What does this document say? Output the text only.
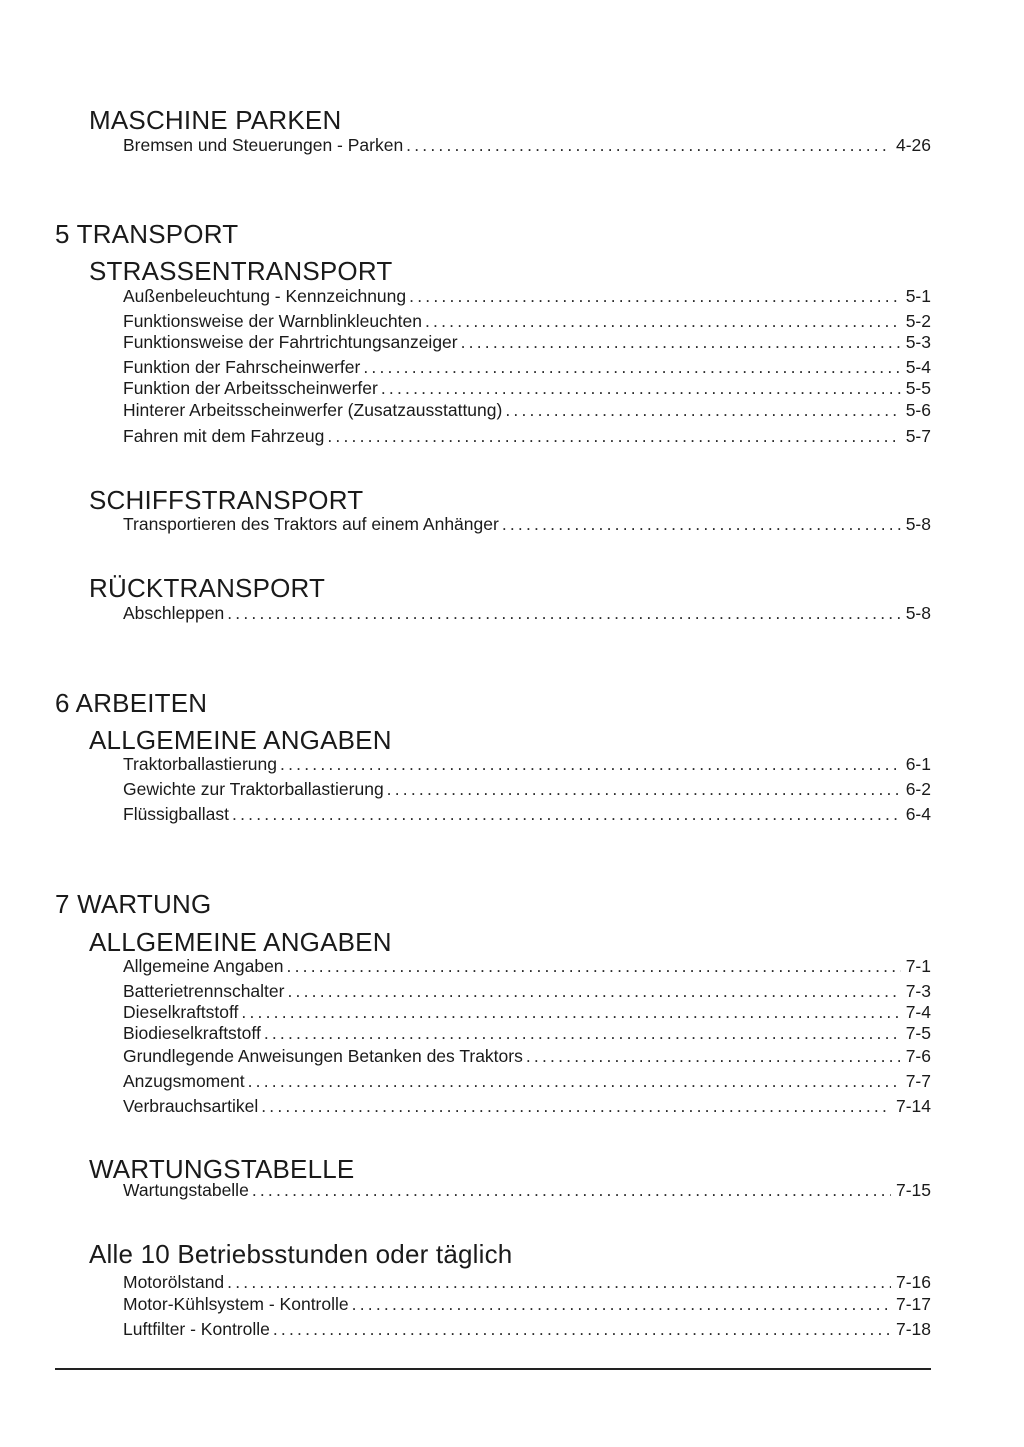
MASCHINE PARKEN
Bremsen und Steuerungen - Parken .....	4-26
5 TRANSPORT
STRASSENTRANSPORT
Außenbeleuchtung - Kennzeichnung .....	5-1
Funktionsweise der Warnblinkleuchten .....	5-2
Funktionsweise der Fahrtrichtungsanzeiger .....	5-3
Funktion der Fahrscheinwerfer .....	5-4
Funktion der Arbeitsscheinwerfer .....	5-5
Hinterer Arbeitsscheinwerfer (Zusatzausstattung) .....	5-6
Fahren mit dem Fahrzeug .....	5-7
SCHIFFSTRANSPORT
Transportieren des Traktors auf einem Anhänger .....	5-8
RÜCKTRANSPORT
Abschleppen .....	5-8
6 ARBEITEN
ALLGEMEINE ANGABEN
Traktorballastierung .....	6-1
Gewichte zur Traktorballastierung .....	6-2
Flüssigballast .....	6-4
7 WARTUNG
ALLGEMEINE ANGABEN
Allgemeine Angaben .....	7-1
Batterietrennschalter .....	7-3
Dieselkraftstoff .....	7-4
Biodieselkraftstoff .....	7-5
Grundlegende Anweisungen Betanken des Traktors .....	7-6
Anzugsmoment .....	7-7
Verbrauchsartikel .....	7-14
WARTUNGSTABELLE
Wartungstabelle .....	7-15
Alle 10 Betriebsstunden oder täglich
Motorölstand .....	7-16
Motor-Kühlsystem - Kontrolle .....	7-17
Luftfilter - Kontrolle .....	7-18
